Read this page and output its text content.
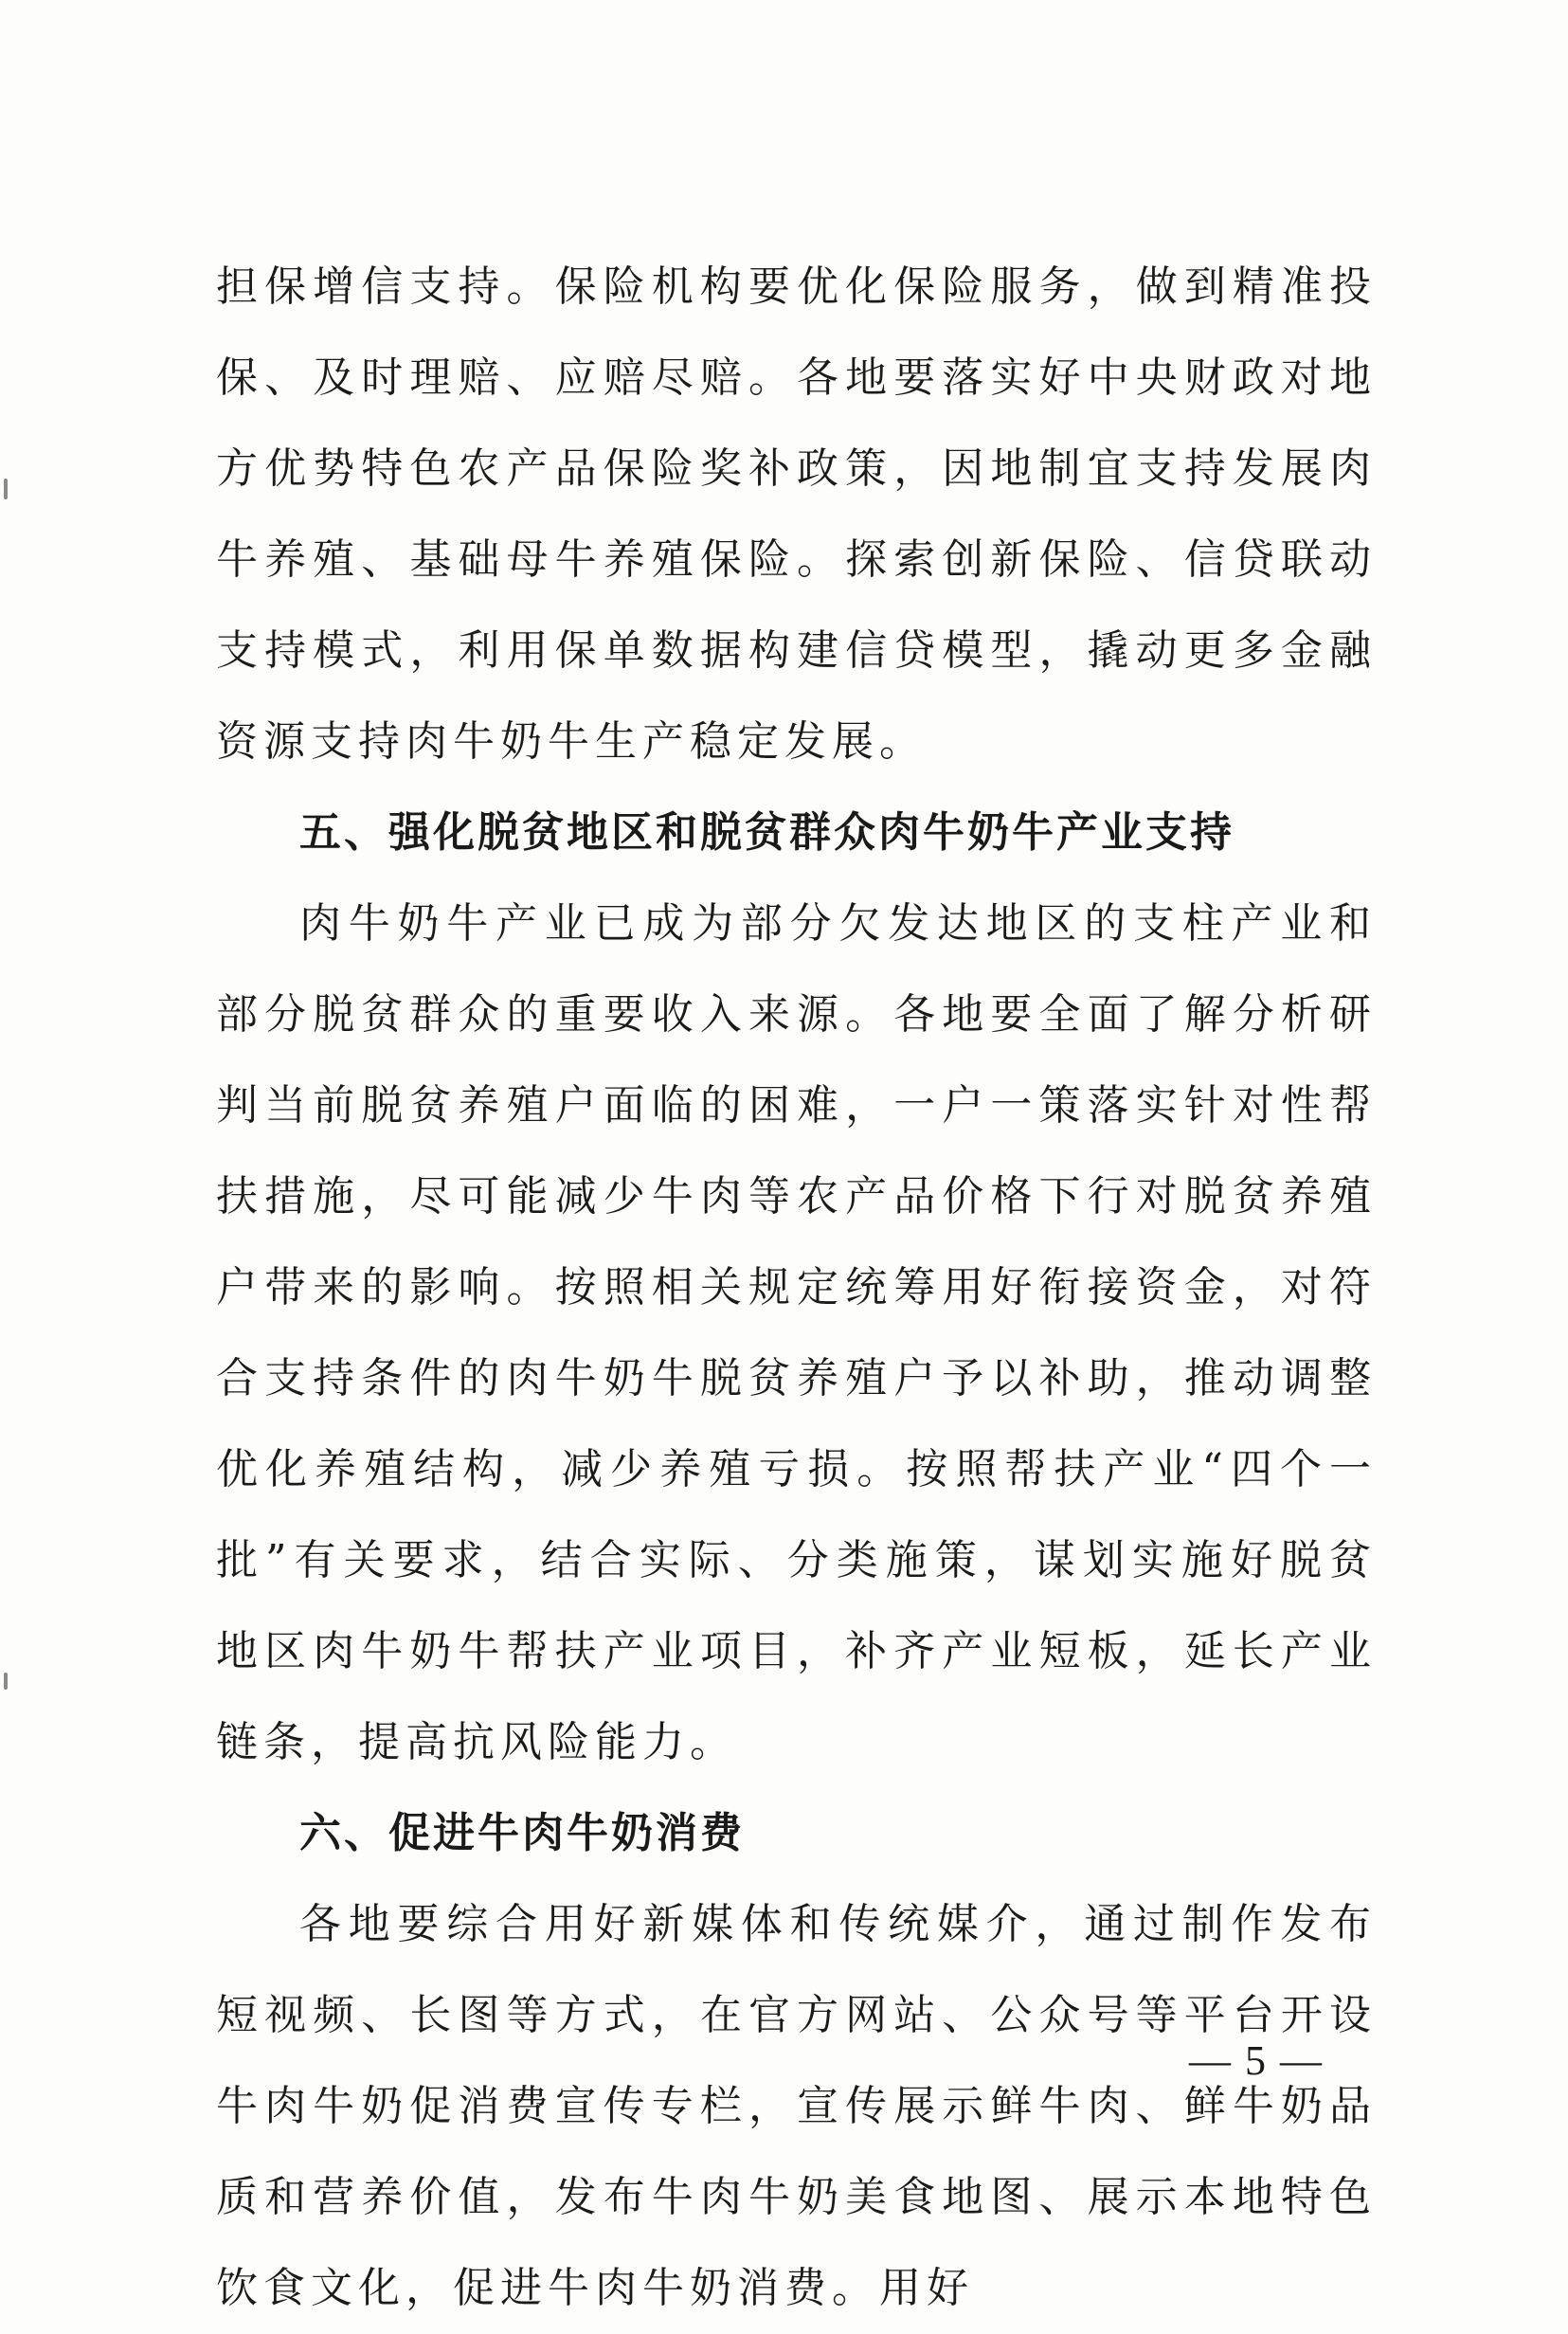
担保增信支持。保险机构要优化保险服务，做到精准投保、及时理赔、应赔尽赔。各地要落实好中央财政对地方优势特色农产品保险奖补政策，因地制宜支持发展肉牛养殖、基础母牛养殖保险。探索创新保险、信贷联动支持模式，利用保单数据构建信贷模型，撬动更多金融资源支持肉牛奶牛生产稳定发展。

五、强化脱贫地区和脱贫群众肉牛奶牛产业支持

肉牛奶牛产业已成为部分欠发达地区的支柱产业和部分脱贫群众的重要收入来源。各地要全面了解分析研判当前脱贫养殖户面临的困难，一户一策落实针对性帮扶措施，尽可能减少牛肉等农产品价格下行对脱贫养殖户带来的影响。按照相关规定统筹用好衔接资金，对符合支持条件的肉牛奶牛脱贫养殖户予以补助，推动调整优化养殖结构，减少养殖亏损。按照帮扶产业“四个一批”有关要求，结合实际、分类施策，谋划实施好脱贫地区肉牛奶牛帮扶产业项目，补齐产业短板，延长产业链条，提高抗风险能力。

六、促进牛肉牛奶消费

各地要综合用好新媒体和传统媒介，通过制作发布短视频、长图等方式，在官方网站、公众号等平台开设牛肉牛奶促消费宣传专栏，宣传展示鲜牛肉、鲜牛奶品质和营养价值，发布牛肉牛奶美食地图、展示本地特色饮食文化，促进牛肉牛奶消费。用好

— 5 —
